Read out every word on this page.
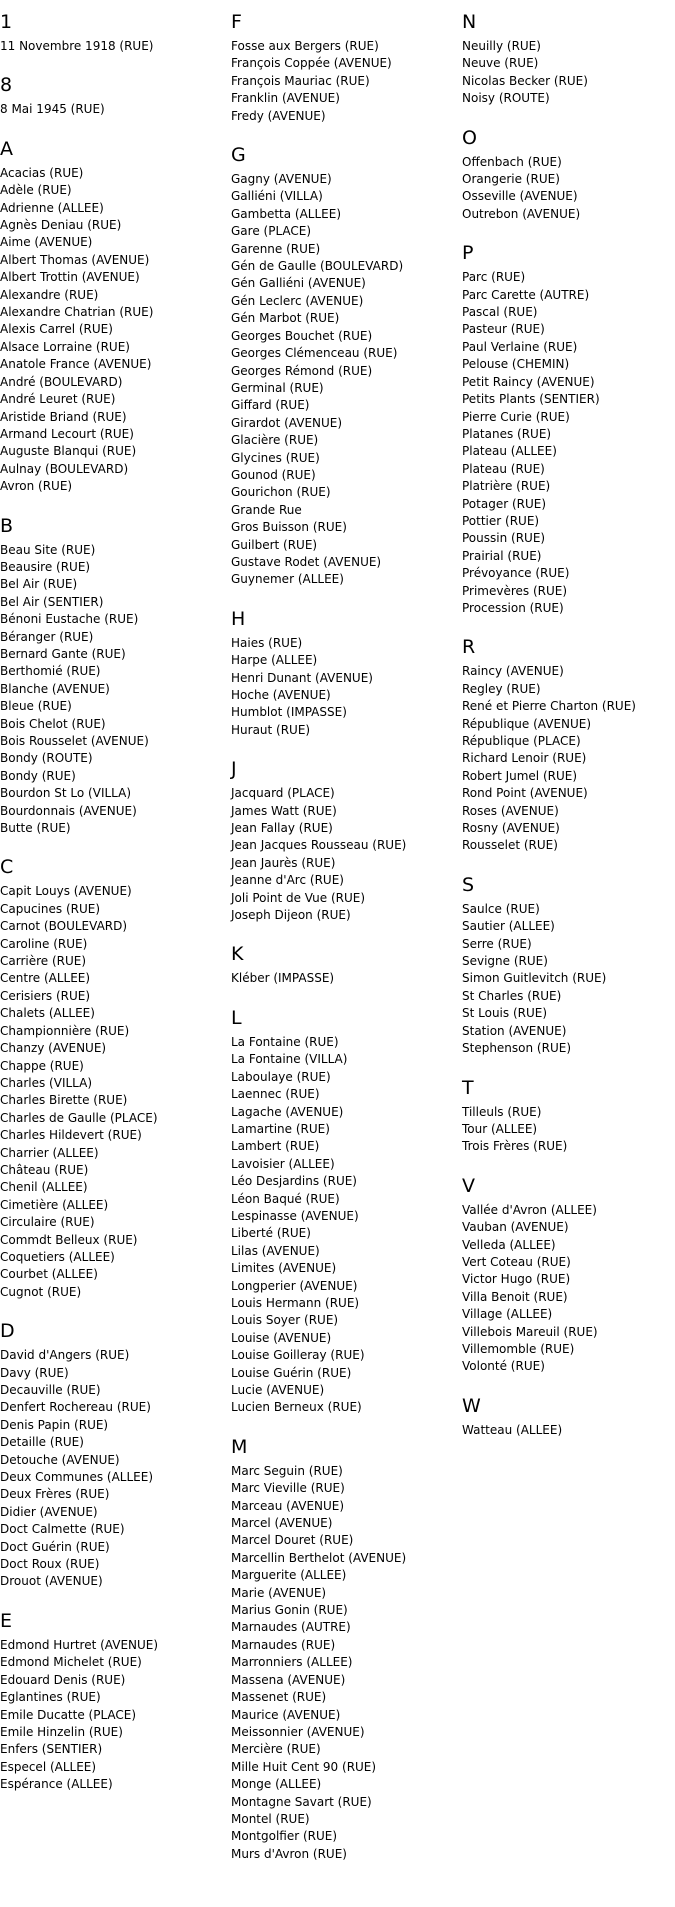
1
11 Novembre 1918 (RUE)
8
8 Mai 1945 (RUE)
A
Acacias (RUE)
Adèle (RUE)
Adrienne (ALLEE)
Agnès Deniau (RUE)
Aime (AVENUE)
Albert Thomas (AVENUE)
Albert Trottin (AVENUE)
Alexandre (RUE)
Alexandre Chatrian (RUE)
Alexis Carrel (RUE)
Alsace Lorraine (RUE)
Anatole France (AVENUE)
André (BOULEVARD)
André Leuret (RUE)
Aristide Briand (RUE)
Armand Lecourt (RUE)
Auguste Blanqui (RUE)
Aulnay (BOULEVARD)
Avron (RUE)
B
Beau Site (RUE)
Beausire (RUE)
Bel Air (RUE)
Bel Air (SENTIER)
Bénoni Eustache (RUE)
Béranger (RUE)
Bernard Gante (RUE)
Berthomié (RUE)
Blanche (AVENUE)
Bleue (RUE)
Bois Chelot (RUE)
Bois Rousselet (AVENUE)
Bondy (ROUTE)
Bondy (RUE)
Bourdon St Lo (VILLA)
Bourdonnais (AVENUE)
Butte (RUE)
C
Capit Louys (AVENUE)
Capucines (RUE)
Carnot (BOULEVARD)
Caroline (RUE)
Carrière (RUE)
Centre (ALLEE)
Cerisiers (RUE)
Chalets (ALLEE)
Championnière (RUE)
Chanzy (AVENUE)
Chappe (RUE)
Charles (VILLA)
Charles Birette (RUE)
Charles de Gaulle (PLACE)
Charles Hildevert (RUE)
Charrier (ALLEE)
Château (RUE)
Chenil (ALLEE)
Cimetière (ALLEE)
Circulaire (RUE)
Commdt Belleux (RUE)
Coquetiers (ALLEE)
Courbet (ALLEE)
Cugnot (RUE)
D
David d'Angers (RUE)
Davy (RUE)
Decauville (RUE)
Denfert Rochereau (RUE)
Denis Papin (RUE)
Detaille (RUE)
Detouche (AVENUE)
Deux Communes (ALLEE)
Deux Frères (RUE)
Didier (AVENUE)
Doct Calmette (RUE)
Doct Guérin (RUE)
Doct Roux (RUE)
Drouot (AVENUE)
E
Edmond Hurtret (AVENUE)
Edmond Michelet (RUE)
Edouard Denis (RUE)
Eglantines (RUE)
Emile Ducatte (PLACE)
Emile Hinzelin (RUE)
Enfers (SENTIER)
Especel (ALLEE)
Espérance (ALLEE)
F
Fosse aux Bergers (RUE)
François Coppée (AVENUE)
François Mauriac (RUE)
Franklin (AVENUE)
Fredy (AVENUE)
G
Gagny (AVENUE)
Galliéni (VILLA)
Gambetta (ALLEE)
Gare (PLACE)
Garenne (RUE)
Gén de Gaulle (BOULEVARD)
Gén Galliéni (AVENUE)
Gén Leclerc (AVENUE)
Gén Marbot (RUE)
Georges Bouchet (RUE)
Georges Clémenceau (RUE)
Georges Rémond (RUE)
Germinal (RUE)
Giffard (RUE)
Girardot (AVENUE)
Glacière (RUE)
Glycines (RUE)
Gounod (RUE)
Gourichon (RUE)
Grande Rue
Gros Buisson (RUE)
Guilbert (RUE)
Gustave Rodet (AVENUE)
Guynemer (ALLEE)
H
Haies (RUE)
Harpe (ALLEE)
Henri Dunant (AVENUE)
Hoche (AVENUE)
Humblot (IMPASSE)
Huraut (RUE)
J
Jacquard (PLACE)
James Watt (RUE)
Jean Fallay (RUE)
Jean Jacques Rousseau (RUE)
Jean Jaurès (RUE)
Jeanne d'Arc (RUE)
Joli Point de Vue (RUE)
Joseph Dijeon (RUE)
K
Kléber (IMPASSE)
L
La Fontaine (RUE)
La Fontaine (VILLA)
Laboulaye (RUE)
Laennec (RUE)
Lagache (AVENUE)
Lamartine (RUE)
Lambert (RUE)
Lavoisier (ALLEE)
Léo Desjardins (RUE)
Léon Baqué (RUE)
Lespinasse (AVENUE)
Liberté (RUE)
Lilas (AVENUE)
Limites (AVENUE)
Longperier (AVENUE)
Louis Hermann (RUE)
Louis Soyer (RUE)
Louise (AVENUE)
Louise Goilleray (RUE)
Louise Guérin (RUE)
Lucie (AVENUE)
Lucien Berneux (RUE)
M
Marc Seguin (RUE)
Marc Vieville (RUE)
Marceau (AVENUE)
Marcel (AVENUE)
Marcel Douret (RUE)
Marcellin Berthelot (AVENUE)
Marguerite (ALLEE)
Marie (AVENUE)
Marius Gonin (RUE)
Marnaudes (AUTRE)
Marnaudes (RUE)
Marronniers (ALLEE)
Massena (AVENUE)
Massenet (RUE)
Maurice (AVENUE)
Meissonnier (AVENUE)
Mercière (RUE)
Mille Huit Cent 90 (RUE)
Monge (ALLEE)
Montagne Savart (RUE)
Montel (RUE)
Montgolfier (RUE)
Murs d'Avron (RUE)
N
Neuilly (RUE)
Neuve (RUE)
Nicolas Becker (RUE)
Noisy (ROUTE)
O
Offenbach (RUE)
Orangerie (RUE)
Osseville (AVENUE)
Outrebon (AVENUE)
P
Parc (RUE)
Parc Carette (AUTRE)
Pascal (RUE)
Pasteur (RUE)
Paul Verlaine (RUE)
Pelouse (CHEMIN)
Petit Raincy (AVENUE)
Petits Plants (SENTIER)
Pierre Curie (RUE)
Platanes (RUE)
Plateau (ALLEE)
Plateau (RUE)
Platrière (RUE)
Potager (RUE)
Pottier (RUE)
Poussin (RUE)
Prairial (RUE)
Prévoyance (RUE)
Primevères (RUE)
Procession (RUE)
R
Raincy (AVENUE)
Regley (RUE)
René et Pierre Charton (RUE)
République (AVENUE)
République (PLACE)
Richard Lenoir (RUE)
Robert Jumel (RUE)
Rond Point (AVENUE)
Roses (AVENUE)
Rosny (AVENUE)
Rousselet (RUE)
S
Saulce (RUE)
Sautier (ALLEE)
Serre (RUE)
Sevigne (RUE)
Simon Guitlevitch (RUE)
St Charles (RUE)
St Louis (RUE)
Station (AVENUE)
Stephenson (RUE)
T
Tilleuls (RUE)
Tour (ALLEE)
Trois Frères (RUE)
V
Vallée d'Avron (ALLEE)
Vauban (AVENUE)
Velleda (ALLEE)
Vert Coteau (RUE)
Victor Hugo (RUE)
Villa Benoit (RUE)
Village (ALLEE)
Villebois Mareuil (RUE)
Villemomble (RUE)
Volonté (RUE)
W
Watteau (ALLEE)
